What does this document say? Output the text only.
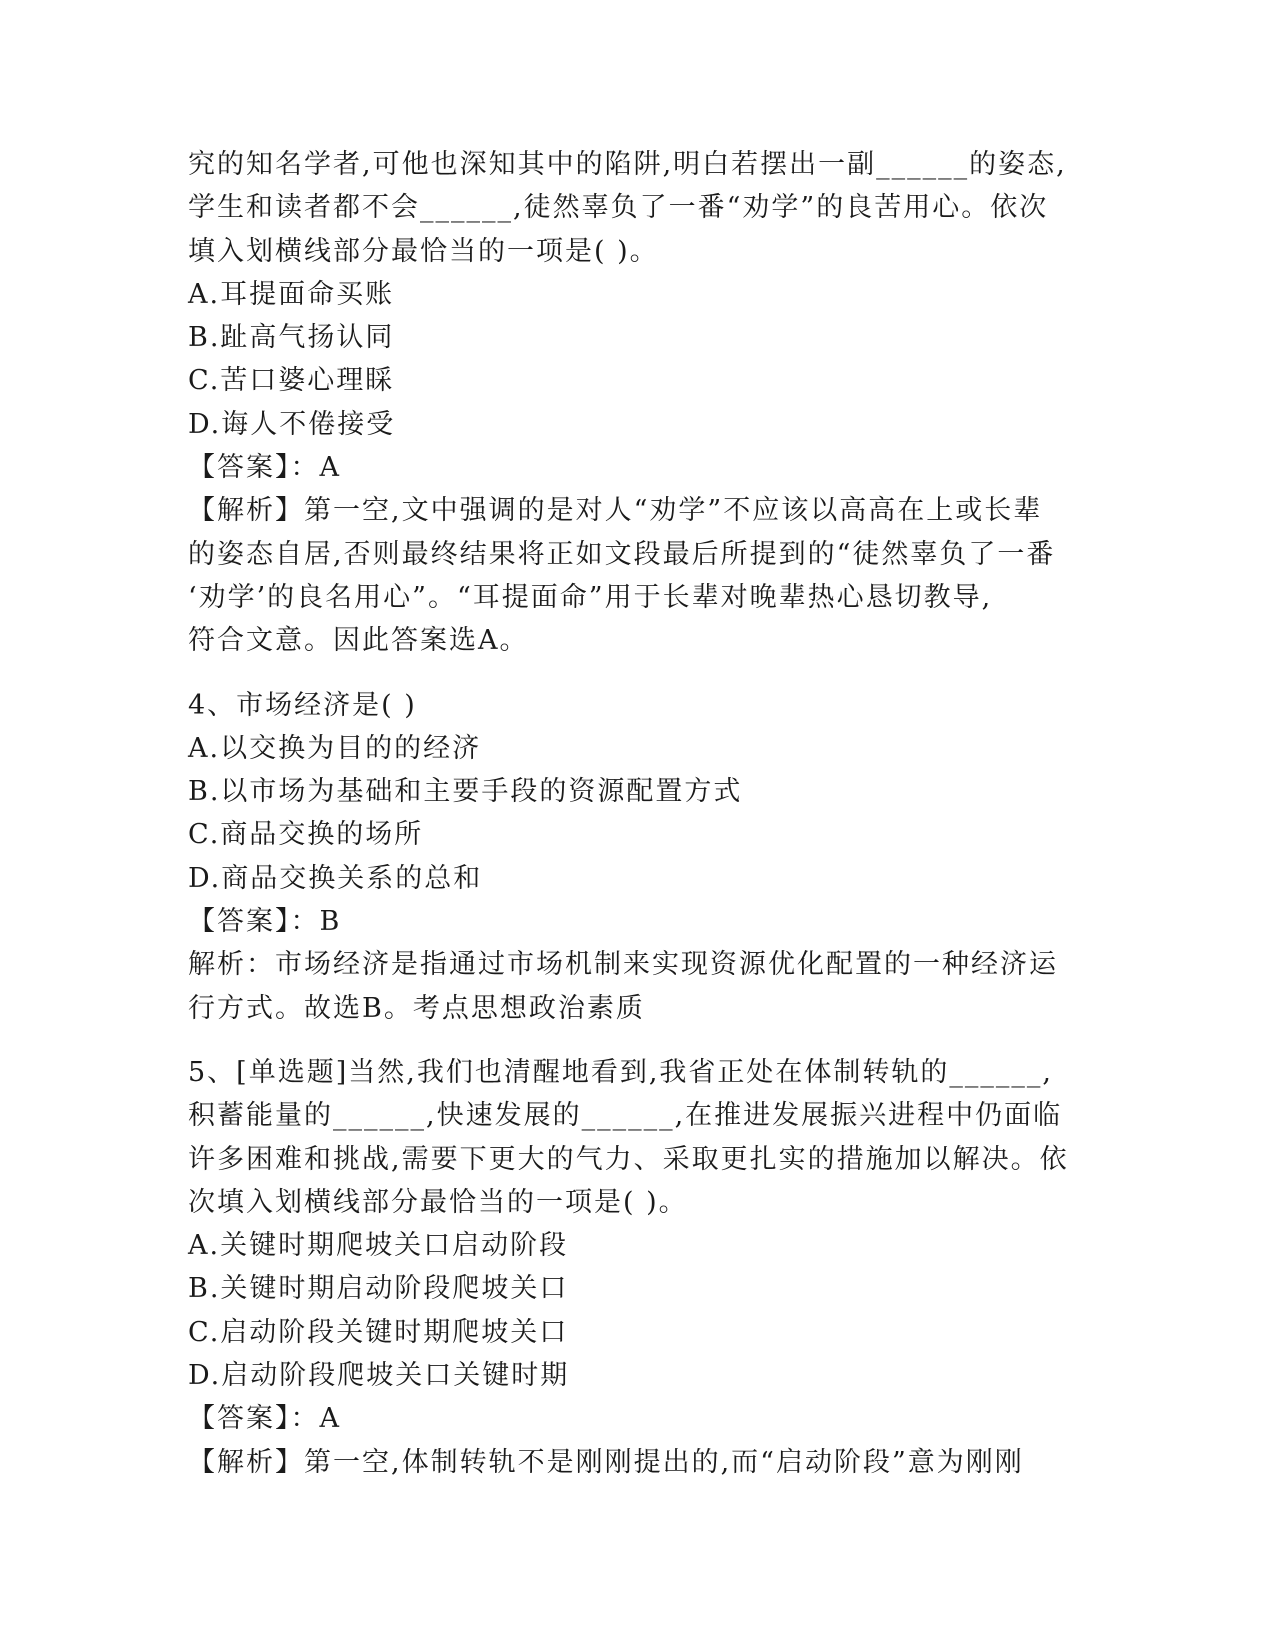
究的知名学者,可他也深知其中的陷阱,明白若摆出一副______的姿态,
学生和读者都不会______,徒然辜负了一番“劝学”的良苦用心。依次
填入划横线部分最恰当的一项是( )。
A.耳提面命买账
B.趾高气扬认同
C.苦口婆心理睬
D.诲人不倦接受
【答案】：A
【解析】第一空,文中强调的是对人“劝学”不应该以高高在上或长辈
的姿态自居,否则最终结果将正如文段最后所提到的“徒然辜负了一番
‘劝学’的良名用心”。“耳提面命”用于长辈对晚辈热心恳切教导,
符合文意。因此答案选A。
4、市场经济是( )
A.以交换为目的的经济
B.以市场为基础和主要手段的资源配置方式
C.商品交换的场所
D.商品交换关系的总和
【答案】：B
解析：市场经济是指通过市场机制来实现资源优化配置的一种经济运
行方式。故选B。考点思想政治素质
5、[单选题]当然,我们也清醒地看到,我省正处在体制转轨的______,
积蓄能量的______,快速发展的______,在推进发展振兴进程中仍面临
许多困难和挑战,需要下更大的气力、采取更扎实的措施加以解决。依
次填入划横线部分最恰当的一项是( )。
A.关键时期爬坡关口启动阶段
B.关键时期启动阶段爬坡关口
C.启动阶段关键时期爬坡关口
D.启动阶段爬坡关口关键时期
【答案】：A
【解析】第一空,体制转轨不是刚刚提出的,而“启动阶段”意为刚刚
